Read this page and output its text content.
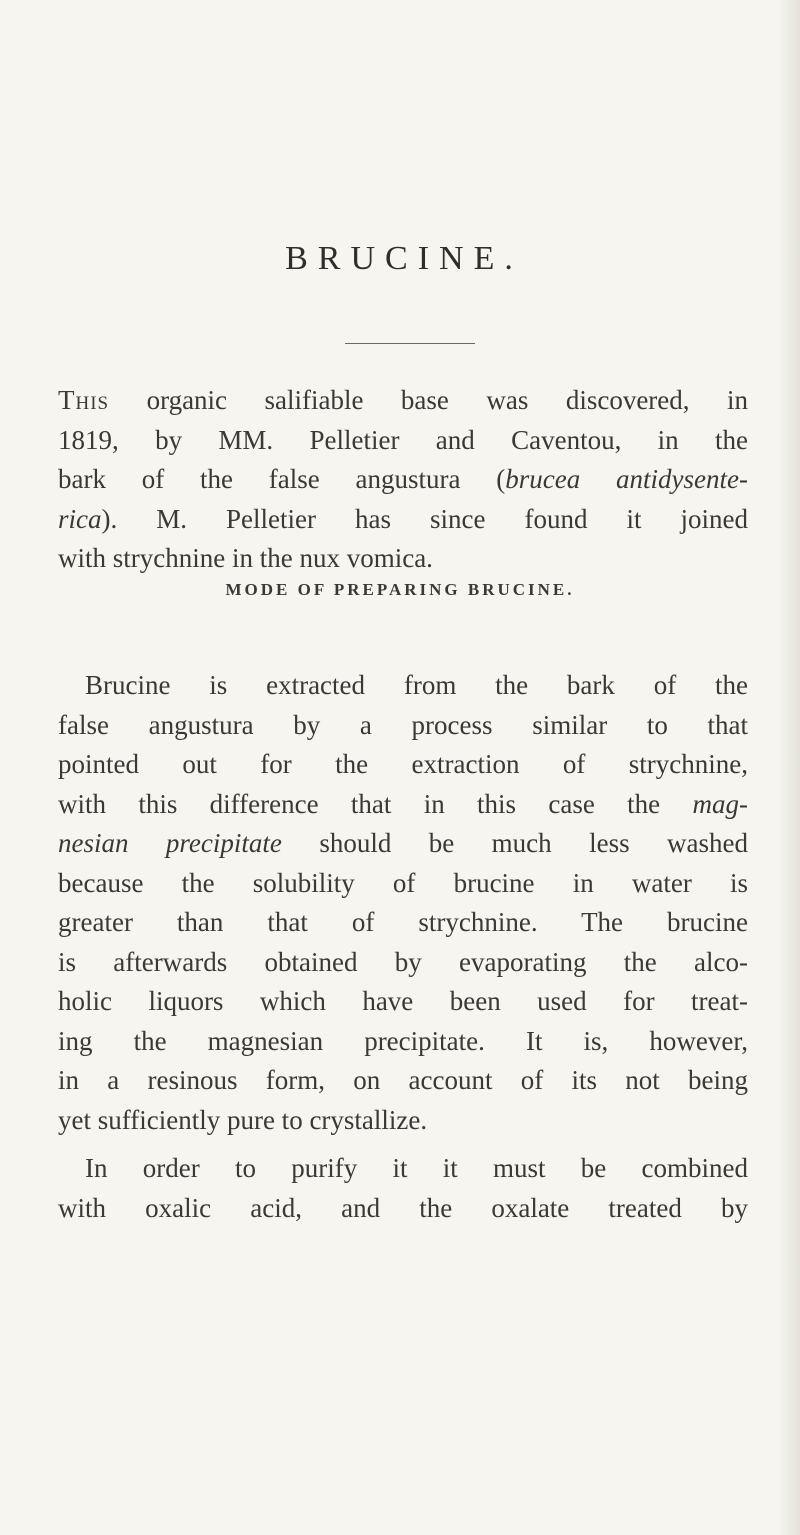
BRUCINE.
This organic salifiable base was discovered, in
1819, by MM. Pelletier and Caventou, in the
bark of the false angustura (brucea antidysente-
rica). M. Pelletier has since found it joined
with strychnine in the nux vomica.
MODE OF PREPARING BRUCINE.
Brucine is extracted from the bark of the
false angustura by a process similar to that
pointed out for the extraction of strychnine,
with this difference that in this case the mag-
nesian precipitate should be much less washed
because the solubility of brucine in water is
greater than that of strychnine. The brucine
is afterwards obtained by evaporating the alco-
holic liquors which have been used for treat-
ing the magnesian precipitate. It is, however,
in a resinous form, on account of its not being
yet sufficiently pure to crystallize.
In order to purify it it must be combined
with oxalic acid, and the oxalate treated by
